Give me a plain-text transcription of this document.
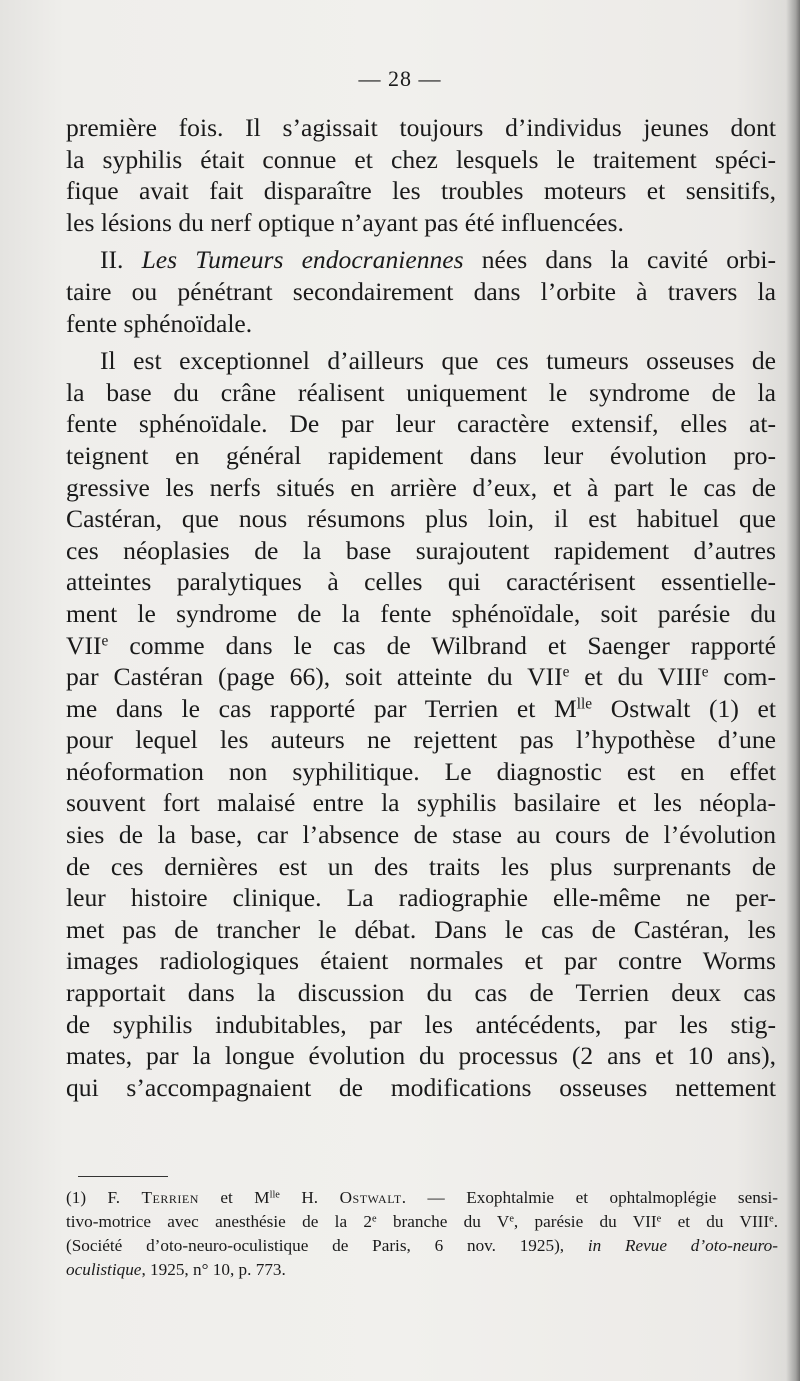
— 28 —

première fois. Il s’agissait toujours d’individus jeunes dont
la syphilis était connue et chez lesquels le traitement spéci-
fique avait fait disparaître les troubles moteurs et sensitifs,
les lésions du nerf optique n’ayant pas été influencées.

II. Les Tumeurs endocraniennes nées dans la cavité orbi-
taire ou pénétrant secondairement dans l’orbite à travers la
fente sphénoïdale.

Il est exceptionnel d’ailleurs que ces tumeurs osseuses de
la base du crâne réalisent uniquement le syndrome de la
fente sphénoïdale. De par leur caractère extensif, elles at-
teignent en général rapidement dans leur évolution pro-
gressive les nerfs situés en arrière d’eux, et à part le cas de
Castéran, que nous résumons plus loin, il est habituel que
ces néoplasies de la base surajoutent rapidement d’autres
atteintes paralytiques à celles qui caractérisent essentielle-
ment le syndrome de la fente sphénoïdale, soit parésie du
VIIe comme dans le cas de Wilbrand et Saenger rapporté
par Castéran (page 66), soit atteinte du VIIe et du VIIIe com-
me dans le cas rapporté par Terrien et $M^{lle}$ Ostwalt (1) et
pour lequel les auteurs ne rejettent pas l’hypothèse d’une
néoformation non syphilitique. Le diagnostic est en effet
souvent fort malaisé entre la syphilis basilaire et les néopla-
sies de la base, car l’absence de stase au cours de l’évolution
de ces dernières est un des traits les plus surprenants de
leur histoire clinique. La radiographie elle-même ne per-
met pas de trancher le débat. Dans le cas de Castéran, les
images radiologiques étaient normales et par contre Worms
rapportait dans la discussion du cas de Terrien deux cas
de syphilis indubitables, par les antécédents, par les stig-
mates, par la longue évolution du processus (2 ans et 10 ans),
qui s’accompagnaient de modifications osseuses nettement

(1) F. Terrien et $M^{lle}$ H. Ostwalt. — Exophtalmie et ophtalmoplégie sensi-
tivo-motrice avec anesthésie de la 2e branche du Ve, parésie du VIIe et du VIIIe.
(Société d’oto-neuro-oculistique de Paris, 6 nov. 1925), in Revue d’oto-neuro-
oculistique, 1925, n° 10, p. 773.
